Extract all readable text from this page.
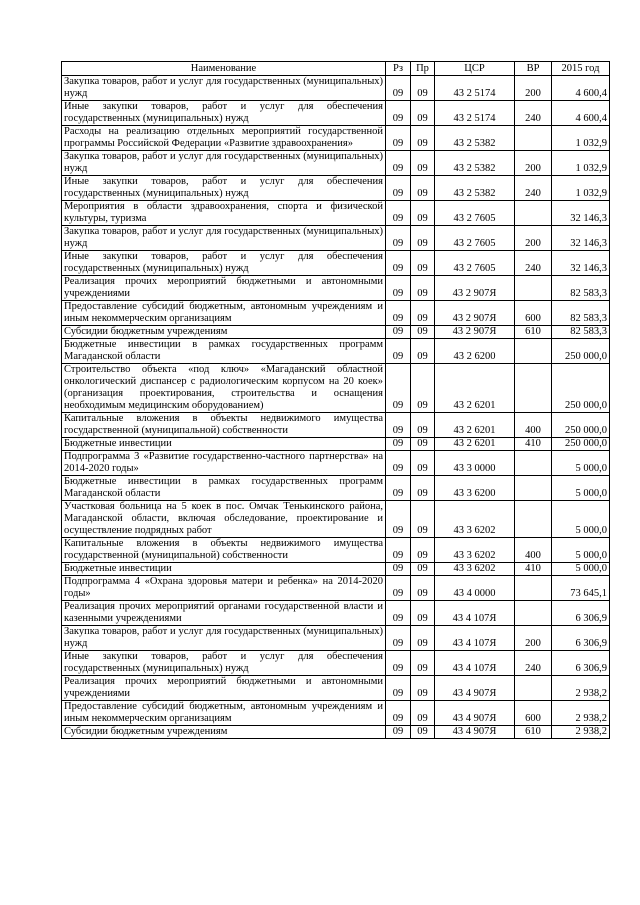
Наименование	Рз	Пр	ЦСР	ВР	2015 год
Закупка товаров, работ и услуг для государственных (муниципальных) нужд	09	09	43 2 5174	200	4 600,4
Иные закупки товаров, работ и услуг для обеспечения государственных (муниципальных) нужд	09	09	43 2 5174	240	4 600,4
Расходы на реализацию отдельных мероприятий государственной программы Российской Федерации «Развитие здравоохранения»	09	09	43 2 5382		1 032,9
Закупка товаров, работ и услуг для государственных (муниципальных) нужд	09	09	43 2 5382	200	1 032,9
Иные закупки товаров, работ и услуг для обеспечения государственных (муниципальных) нужд	09	09	43 2 5382	240	1 032,9
Мероприятия в области здравоохранения, спорта и физической культуры, туризма	09	09	43 2 7605		32 146,3
Закупка товаров, работ и услуг для государственных (муниципальных) нужд	09	09	43 2 7605	200	32 146,3
Иные закупки товаров, работ и услуг для обеспечения государственных (муниципальных) нужд	09	09	43 2 7605	240	32 146,3
Реализация прочих мероприятий бюджетными и автономными учреждениями	09	09	43 2 907Я		82 583,3
Предоставление субсидий бюджетным, автономным учреждениям и иным некоммерческим организациям	09	09	43 2 907Я	600	82 583,3
Субсидии бюджетным учреждениям	09	09	43 2 907Я	610	82 583,3
Бюджетные инвестиции в рамках государственных программ Магаданской области	09	09	43 2 6200		250 000,0
Строительство объекта «под ключ» «Магаданский областной онкологический диспансер с радиологическим корпусом на 20 коек» (организация проектирования, строительства и оснащения необходимым медицинским оборудованием)	09	09	43 2 6201		250 000,0
Капитальные вложения в объекты недвижимого имущества государственной (муниципальной) собственности	09	09	43 2 6201	400	250 000,0
Бюджетные инвестиции	09	09	43 2 6201	410	250 000,0
Подпрограмма 3 «Развитие государственно-частного партнерства» на 2014-2020 годы»	09	09	43 3 0000		5 000,0
Бюджетные инвестиции в рамках государственных программ Магаданской области	09	09	43 3 6200		5 000,0
Участковая больница на 5 коек в пос. Омчак Тенькинского района, Магаданской области, включая обследование, проектирование и осуществление подрядных работ	09	09	43 3 6202		5 000,0
Капитальные вложения в объекты недвижимого имущества государственной (муниципальной) собственности	09	09	43 3 6202	400	5 000,0
Бюджетные инвестиции	09	09	43 3 6202	410	5 000,0
Подпрограмма 4 «Охрана здоровья матери и ребенка» на 2014-2020 годы»	09	09	43 4 0000		73 645,1
Реализация прочих мероприятий органами государственной власти и казенными учреждениями	09	09	43 4 107Я		6 306,9
Закупка товаров, работ и услуг для государственных (муниципальных) нужд	09	09	43 4 107Я	200	6 306,9
Иные закупки товаров, работ и услуг для обеспечения государственных (муниципальных) нужд	09	09	43 4 107Я	240	6 306,9
Реализация прочих мероприятий бюджетными и автономными учреждениями	09	09	43 4 907Я		2 938,2
Предоставление субсидий бюджетным, автономным учреждениям и иным некоммерческим организациям	09	09	43 4 907Я	600	2 938,2
Субсидии бюджетным учреждениям	09	09	43 4 907Я	610	2 938,2
